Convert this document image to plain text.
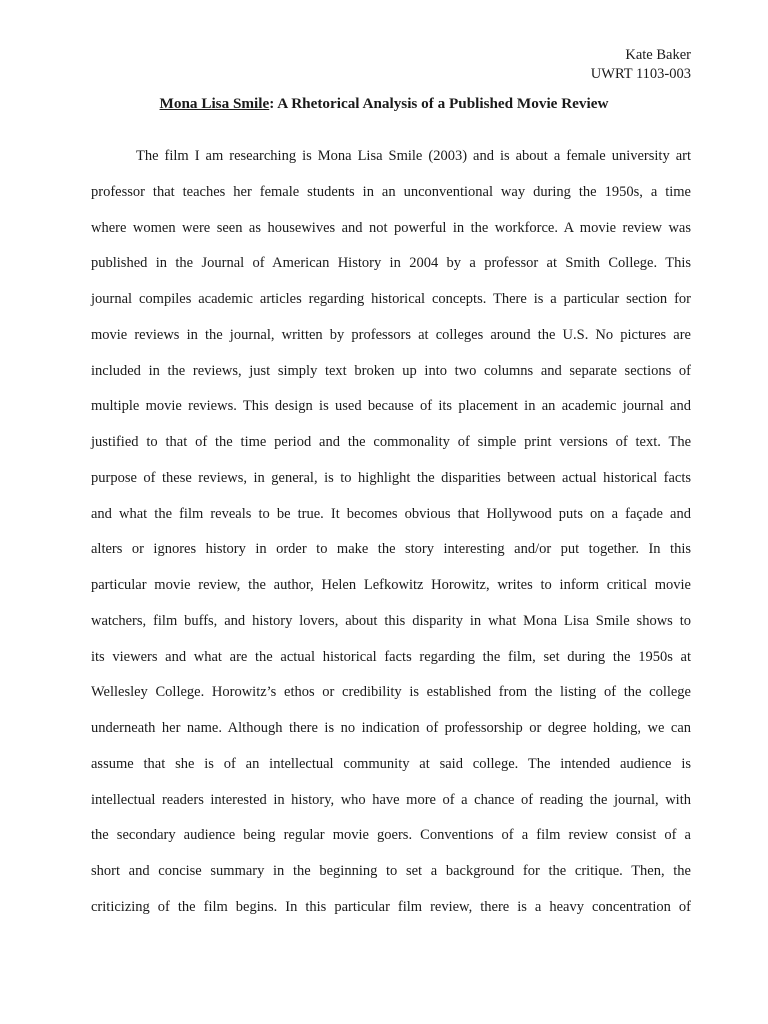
Kate Baker
UWRT 1103-003
Mona Lisa Smile: A Rhetorical Analysis of a Published Movie Review
The film I am researching is Mona Lisa Smile (2003) and is about a female university art
professor that teaches her female students in an unconventional way during the 1950s, a time
where women were seen as housewives and not powerful in the workforce. A movie review was
published in the Journal of American History in 2004 by a professor at Smith College. This
journal compiles academic articles regarding historical concepts. There is a particular section for
movie reviews in the journal, written by professors at colleges around the U.S. No pictures are
included in the reviews, just simply text broken up into two columns and separate sections of
multiple movie reviews. This design is used because of its placement in an academic journal and
justified to that of the time period and the commonality of simple print versions of text. The
purpose of these reviews, in general, is to highlight the disparities between actual historical facts
and what the film reveals to be true. It becomes obvious that Hollywood puts on a façade and
alters or ignores history in order to make the story interesting and/or put together. In this
particular movie review, the author, Helen Lefkowitz Horowitz, writes to inform critical movie
watchers, film buffs, and history lovers, about this disparity in what Mona Lisa Smile shows to
its viewers and what are the actual historical facts regarding the film, set during the 1950s at
Wellesley College. Horowitz’s ethos or credibility is established from the listing of the college
underneath her name. Although there is no indication of professorship or degree holding, we can
assume that she is of an intellectual community at said college. The intended audience is
intellectual readers interested in history, who have more of a chance of reading the journal, with
the secondary audience being regular movie goers. Conventions of a film review consist of a
short and concise summary in the beginning to set a background for the critique. Then, the
criticizing of the film begins. In this particular film review, there is a heavy concentration of
